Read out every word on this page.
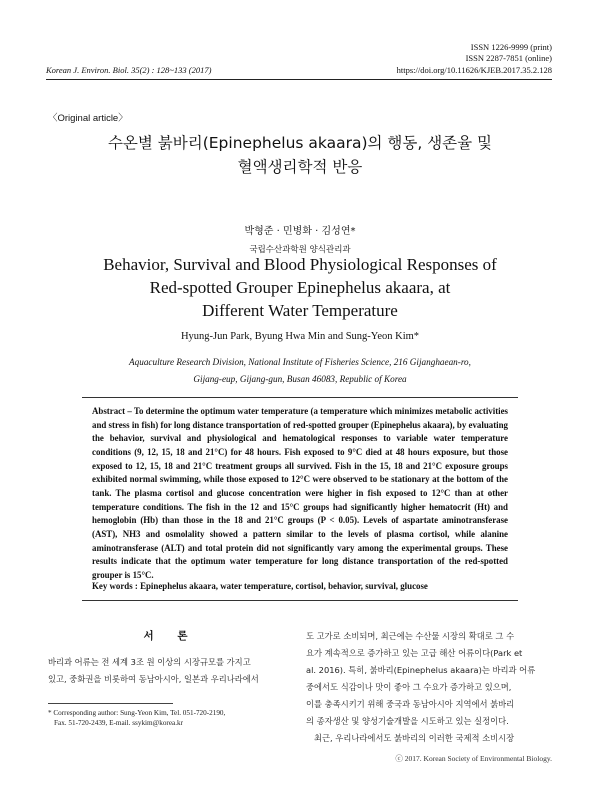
ISSN 1226-9999 (print)
ISSN 2287-7851 (online)
Korean J. Environ. Biol. 35(2) : 128~133 (2017)	https://doi.org/10.11626/KJEB.2017.35.2.128
〈Original article〉
수온별 붉바리(Epinephelus akaara)의 행동, 생존율 및
혈액생리학적 반응
박형준 · 민병화 · 김성연*
국립수산과학원 양식관리과
Behavior, Survival and Blood Physiological Responses of
Red-spotted Grouper Epinephelus akaara, at
Different Water Temperature
Hyung-Jun Park, Byung Hwa Min and Sung-Yeon Kim*
Aquaculture Research Division, National Institute of Fisheries Science, 216 Gijanghaean-ro,
Gijang-eup, Gijang-gun, Busan 46083, Republic of Korea
Abstract – To determine the optimum water temperature (a temperature which minimizes metabolic activities and stress in fish) for long distance transportation of red-spotted grouper (Epinephelus akaara), by evaluating the behavior, survival and physiological and hematological responses to variable water temperature conditions (9, 12, 15, 18 and 21°C) for 48 hours. Fish exposed to 9°C died at 48 hours exposure, but those exposed to 12, 15, 18 and 21°C treatment groups all survived. Fish in the 15, 18 and 21°C exposure groups exhibited normal swimming, while those exposed to 12°C were observed to be stationary at the bottom of the tank. The plasma cortisol and glucose concentration were higher in fish exposed to 12°C than at other temperature conditions. The fish in the 12 and 15°C groups had significantly higher hematocrit (Ht) and hemoglobin (Hb) than those in the 18 and 21°C groups (P < 0.05). Levels of aspartate aminotransferase (AST), NH3 and osmolality showed a pattern similar to the levels of plasma cortisol, while alanine aminotransferase (ALT) and total protein did not significantly vary among the experimental groups. These results indicate that the optimum water temperature for long distance transportation of the red-spotted grouper is 15°C.
Key words : Epinephelus akaara, water temperature, cortisol, behavior, survival, glucose
서 론
바리과 어류는 전 세계 3조 원 이상의 시장규모를 가지고
있고, 중화권을 비롯하여 동남아시아, 일본과 우리나라에서
* Corresponding author: Sung-Yeon Kim, Tel. 051-720-2190,
Fax. 51-720-2439, E-mail. ssykim@korea.kr
도 고가로 소비되며, 최근에는 수산물 시장의 확대로 그 수
요가 계속적으로 증가하고 있는 고급 해산 어류이다(Park et
al. 2016). 특히, 붉바리(Epinephelus akaara)는 바리과 어류
중에서도 식감이나 맛이 좋아 그 수요가 증가하고 있으며,
이를 충족시키기 위해 중국과 동남아시아 지역에서 붉바리
의 종자생산 및 양성기술개발을 시도하고 있는 실정이다.
최근, 우리나라에서도 붉바리의 이러한 국제적 소비시장
ⓒ 2017. Korean Society of Environmental Biology.
